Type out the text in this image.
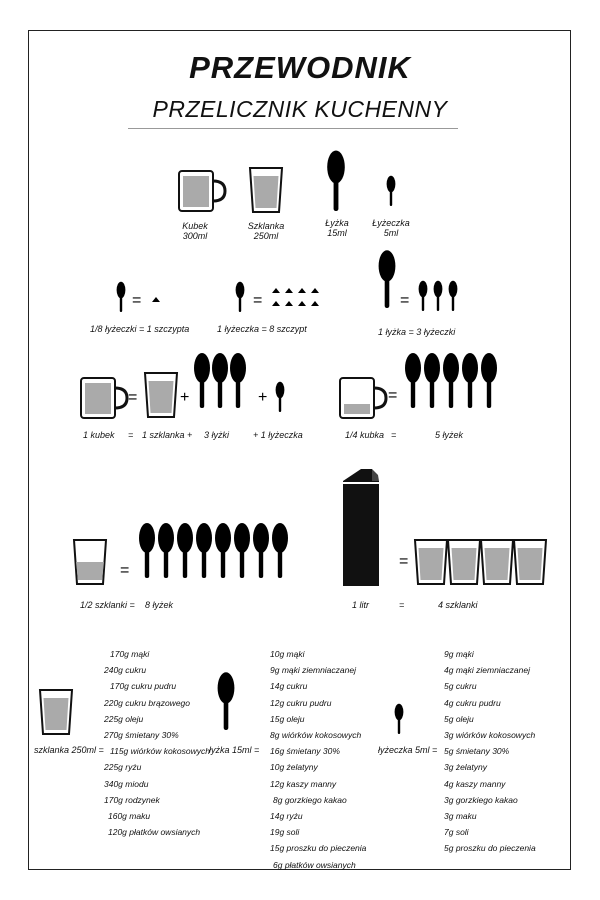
PRZEWODNIK
PRZELICZNIK KUCHENNY
=	=	=
=	+	+	=
=
=
Kubek
300ml
Szklanka
250ml
Łyżka
15ml
Łyżeczka
5ml
1/8 łyżeczki = 1 szczypta	1 łyżeczka = 8 szczypt	1 łyżka = 3 łyżeczki
1 kubek = 1 szklanka + 3 łyżki	+ 1 łyżeczka	1/4 kubka =	5 łyżek
1/2 szklanki = 8 łyżek	1 litr	=	4 szklanki
szklanka 250ml =
170g mąki
240g cukru
170g cukru pudru
220g cukru brązowego
225g oleju
270g śmietany 30%
115g wiórków kokosowych
225g ryżu
340g miodu
170g rodzynek
160g maku
120g płatków owsianych
łyżka 15ml =
10g mąki
9g mąki ziemniaczanej
14g cukru
12g cukru pudru
15g oleju
8g wiórków kokosowych
16g śmietany 30%
10g żelatyny
12g kaszy manny
8g gorzkiego kakao
14g ryżu
19g soli
15g proszku do pieczenia
6g płatków owsianych
łyżeczka 5ml =
9g mąki
4g mąki ziemniaczanej
5g cukru
4g cukru pudru
5g oleju
3g wiórków kokosowych
5g śmietany 30%
3g żelatyny
4g kaszy manny
3g gorzkiego kakao
3g maku
7g soli
5g proszku do pieczenia
